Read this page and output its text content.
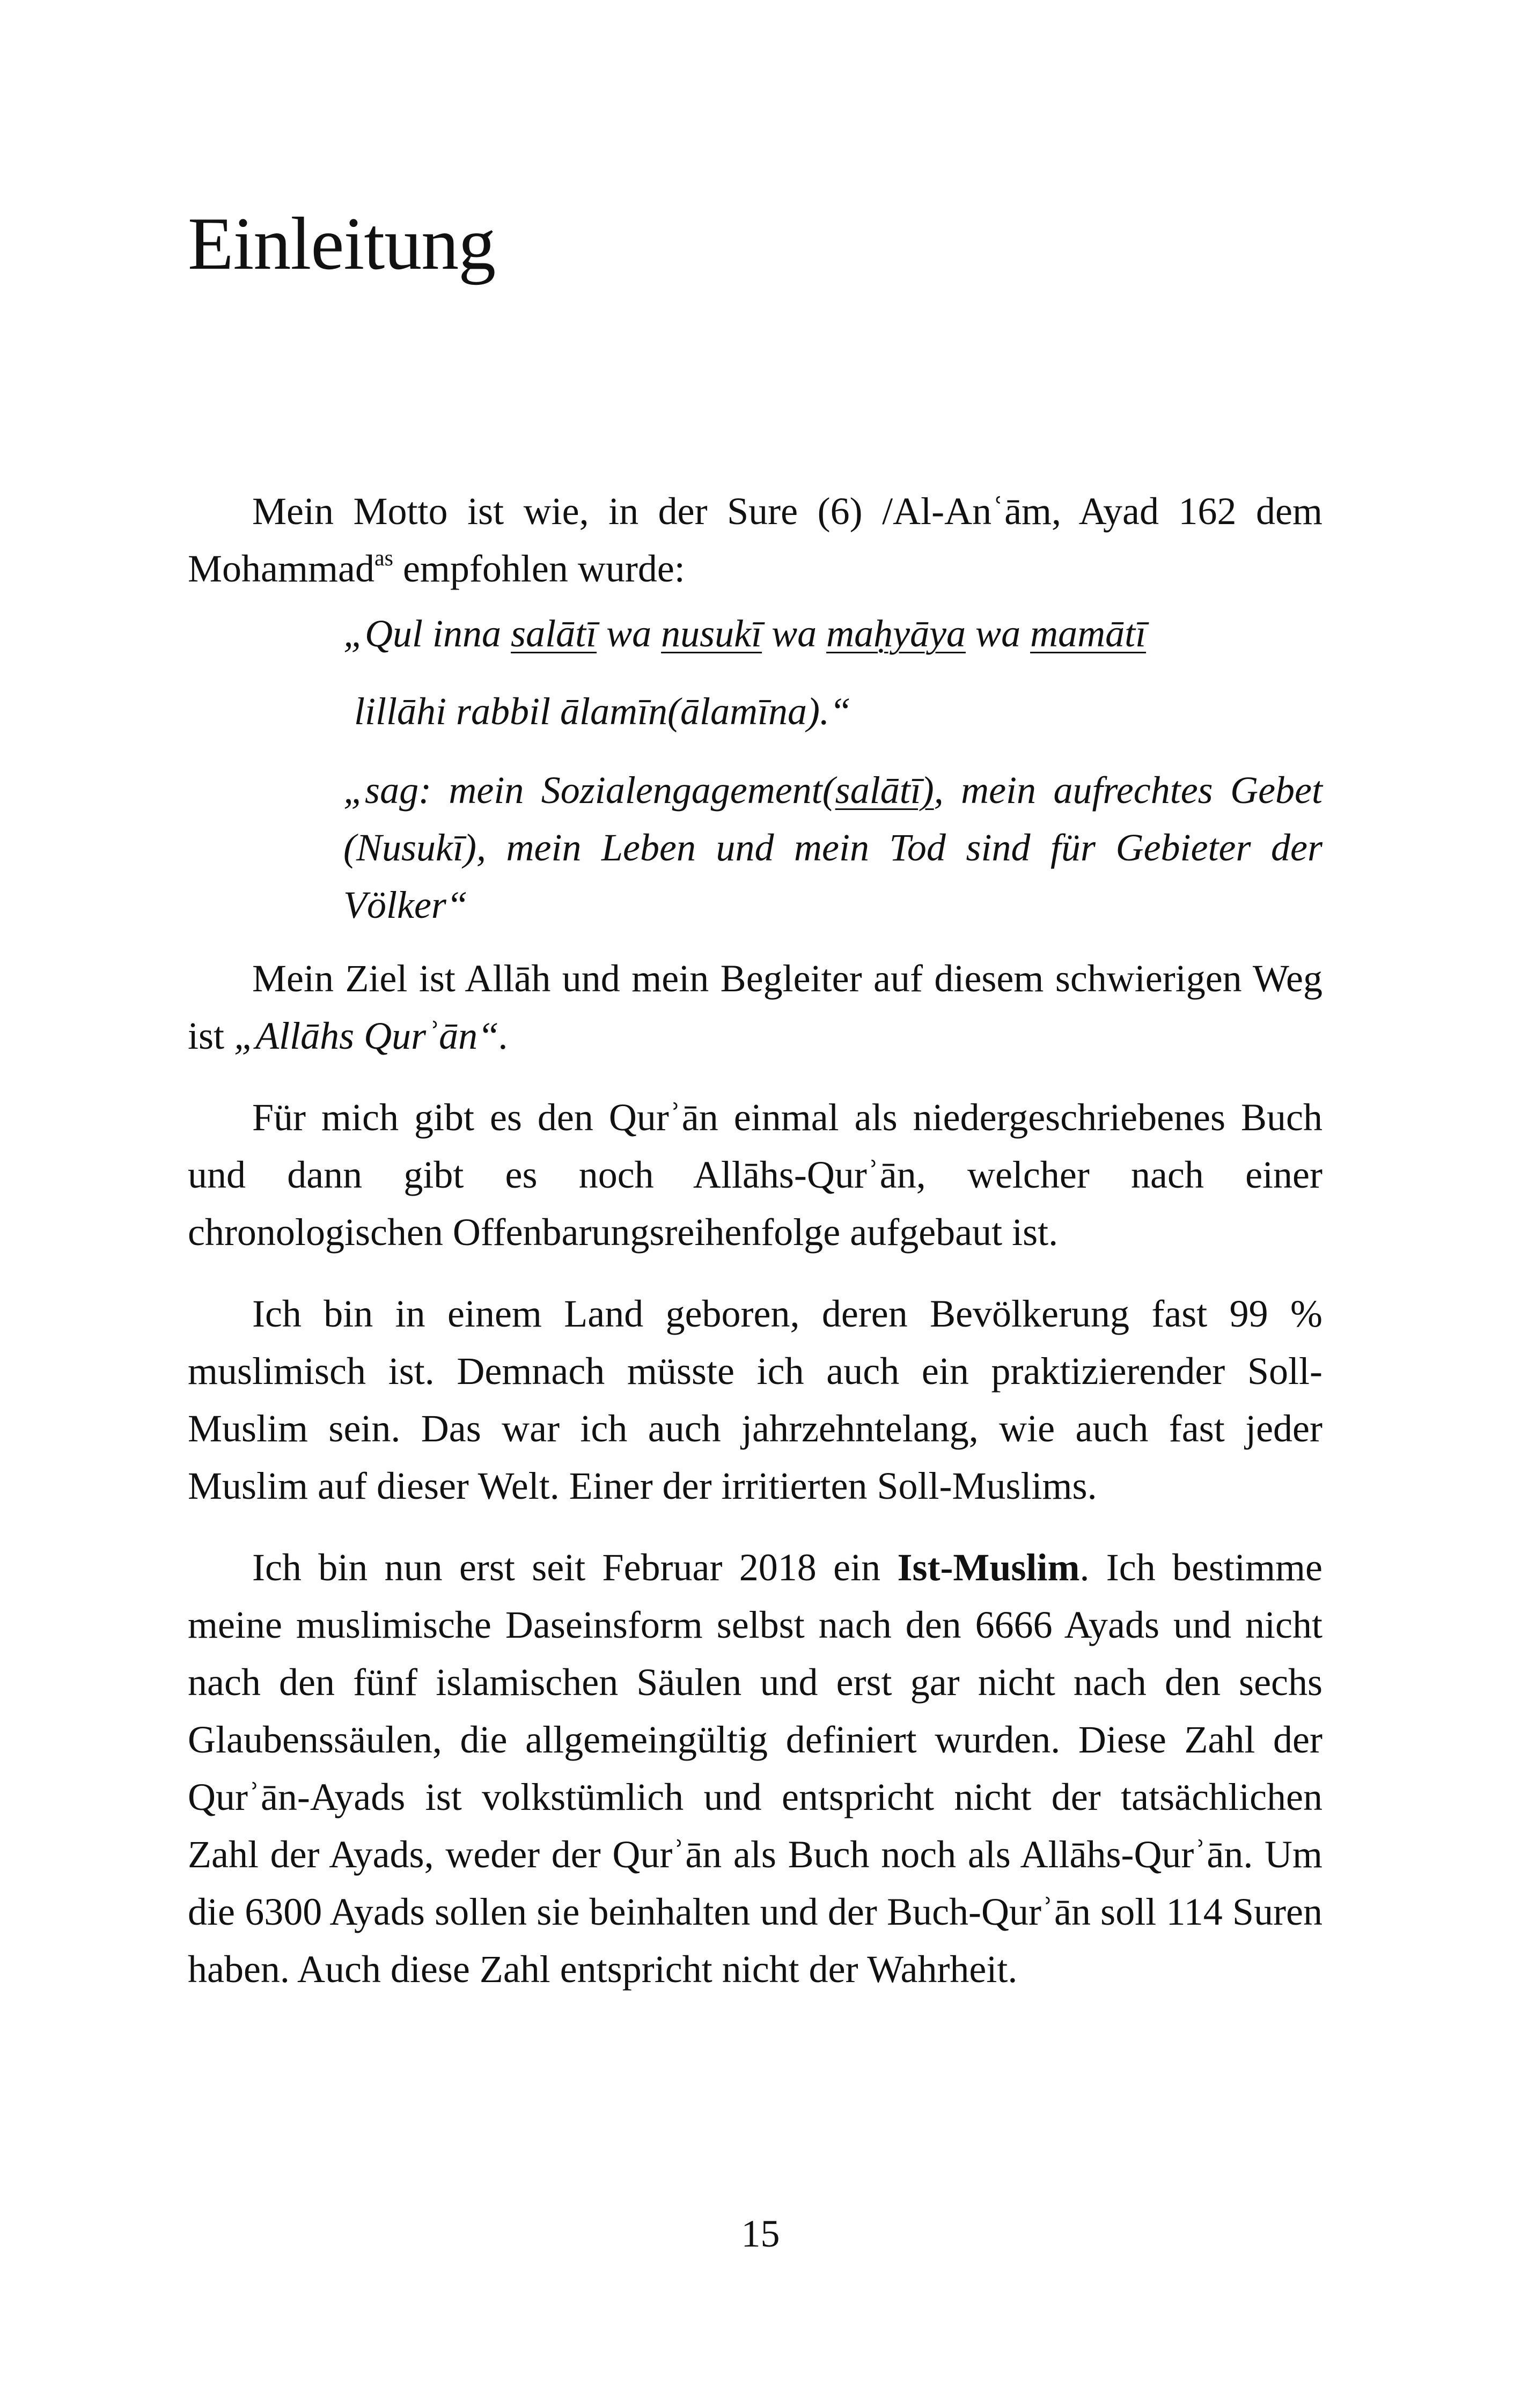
Einleitung

Mein Motto ist wie, in der Sure (6) /Al-Anʿām, Ayad 162 dem Mohammad$^{as}$ empfohlen wurde:

„Qul inna salātī wa nusukī wa maḥyāya wa mamātī

lillāhi rabbil ālamīn(ālamīna).“

„sag: mein Sozialengagement(salātī), mein aufrechtes Gebet (Nusukī), mein Leben und mein Tod sind für Gebieter der Völker“

Mein Ziel ist Allāh und mein Begleiter auf diesem schwierigen Weg ist „Allāhs Qurʾān“.

Für mich gibt es den Qurʾān einmal als niedergeschriebenes Buch und dann gibt es noch Allāhs-Qurʾān, welcher nach einer chronologischen Offenbarungsreihenfolge aufgebaut ist.

Ich bin in einem Land geboren, deren Bevölkerung fast 99 % muslimisch ist. Demnach müsste ich auch ein praktizierender Soll-Muslim sein. Das war ich auch jahrzehntelang, wie auch fast jeder Muslim auf dieser Welt. Einer der irritierten Soll-Muslims.

Ich bin nun erst seit Februar 2018 ein Ist-Muslim. Ich bestimme meine muslimische Daseinsform selbst nach den 6666 Ayads und nicht nach den fünf islamischen Säulen und erst gar nicht nach den sechs Glaubenssäulen, die allgemeingültig definiert wurden. Diese Zahl der Qurʾān-Ayads ist volkstümlich und entspricht nicht der tatsächlichen Zahl der Ayads, weder der Qurʾān als Buch noch als Allāhs-Qurʾān. Um die 6300 Ayads sollen sie beinhalten und der Buch-Qurʾān soll 114 Suren haben. Auch diese Zahl entspricht nicht der Wahrheit.

15
